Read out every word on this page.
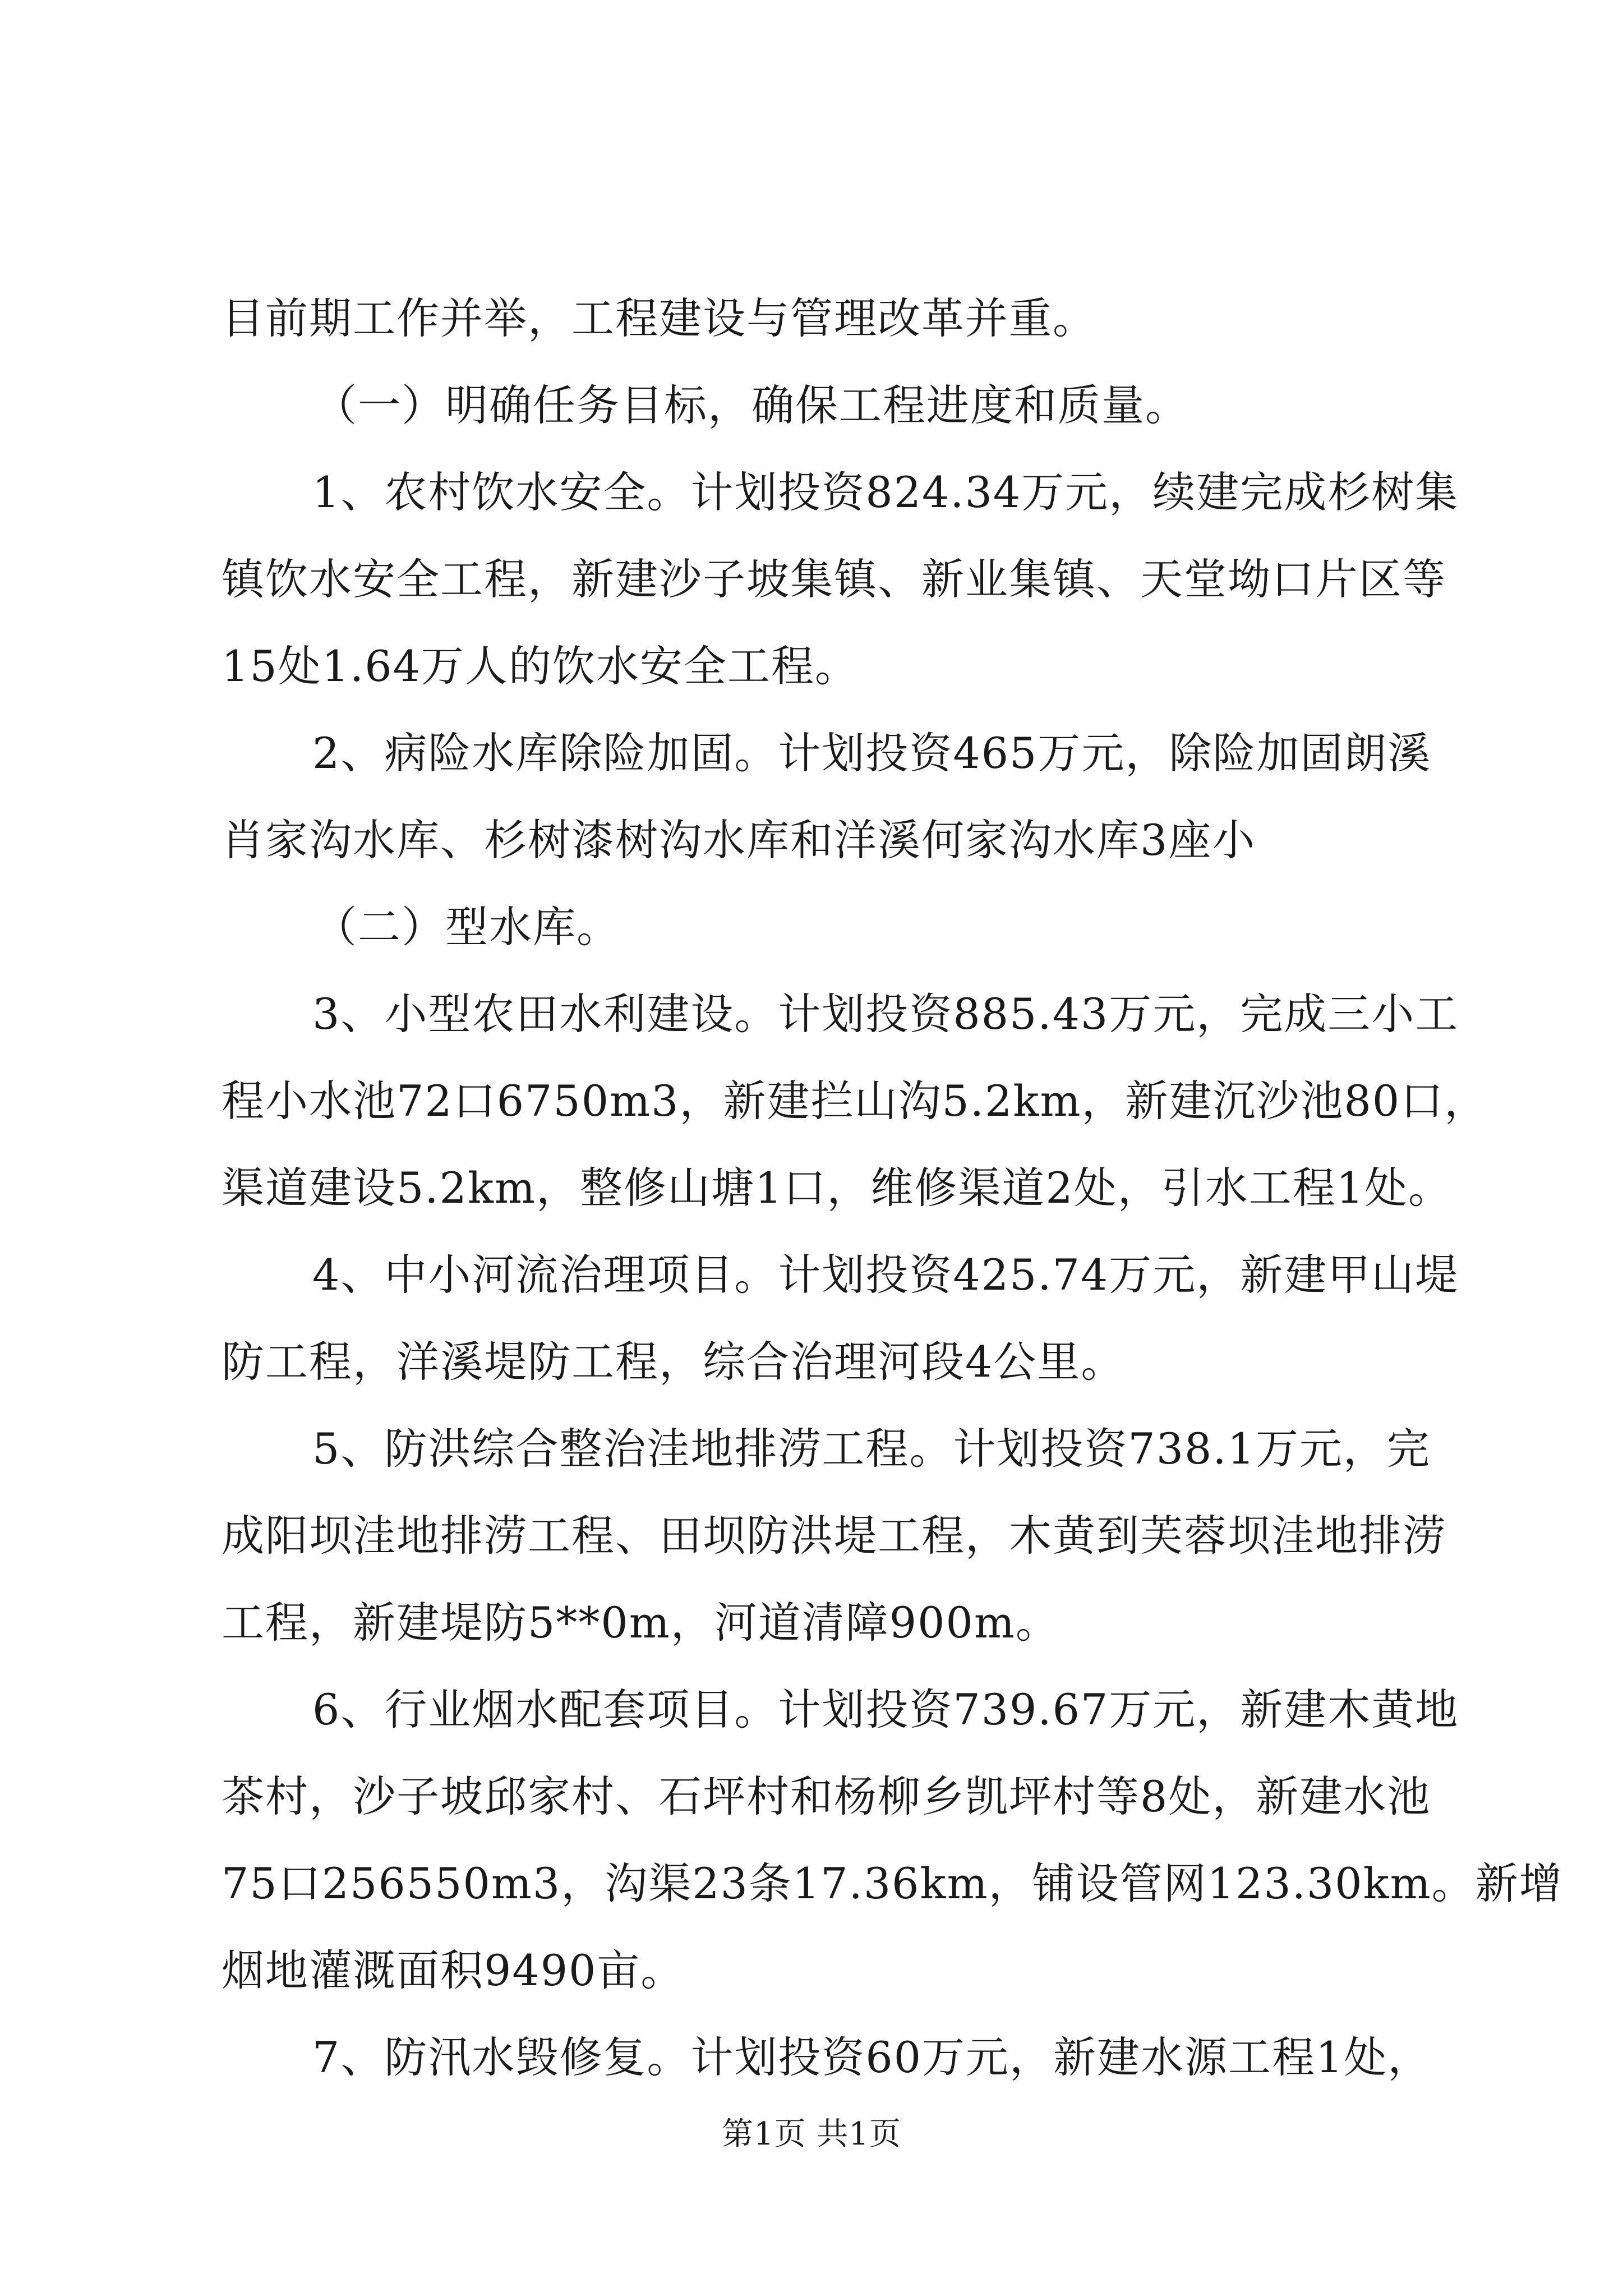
目前期工作并举，工程建设与管理改革并重。
（一）明确任务目标，确保工程进度和质量。
1、农村饮水安全。计划投资824.34万元，续建完成杉树集
镇饮水安全工程，新建沙子坡集镇、新业集镇、天堂坳口片区等
15处1.64万人的饮水安全工程。
2、病险水库除险加固。计划投资465万元，除险加固朗溪
肖家沟水库、杉树漆树沟水库和洋溪何家沟水库3座小
（二）型水库。
3、小型农田水利建设。计划投资885.43万元，完成三小工
程小水池72口6750m3，新建拦山沟5.2km，新建沉沙池80口，
渠道建设5.2km，整修山塘1口，维修渠道2处，引水工程1处。
4、中小河流治理项目。计划投资425.74万元，新建甲山堤
防工程，洋溪堤防工程，综合治理河段4公里。
5、防洪综合整治洼地排涝工程。计划投资738.1万元，完
成阳坝洼地排涝工程、田坝防洪堤工程，木黄到芙蓉坝洼地排涝
工程，新建堤防5**0m，河道清障900m。
6、行业烟水配套项目。计划投资739.67万元，新建木黄地
茶村，沙子坡邱家村、石坪村和杨柳乡凯坪村等8处，新建水池
75口256550m3，沟渠23条17.36km，铺设管网123.30km。新增
烟地灌溉面积9490亩。
7、防汛水毁修复。计划投资60万元，新建水源工程1处，
第1页 共1页
